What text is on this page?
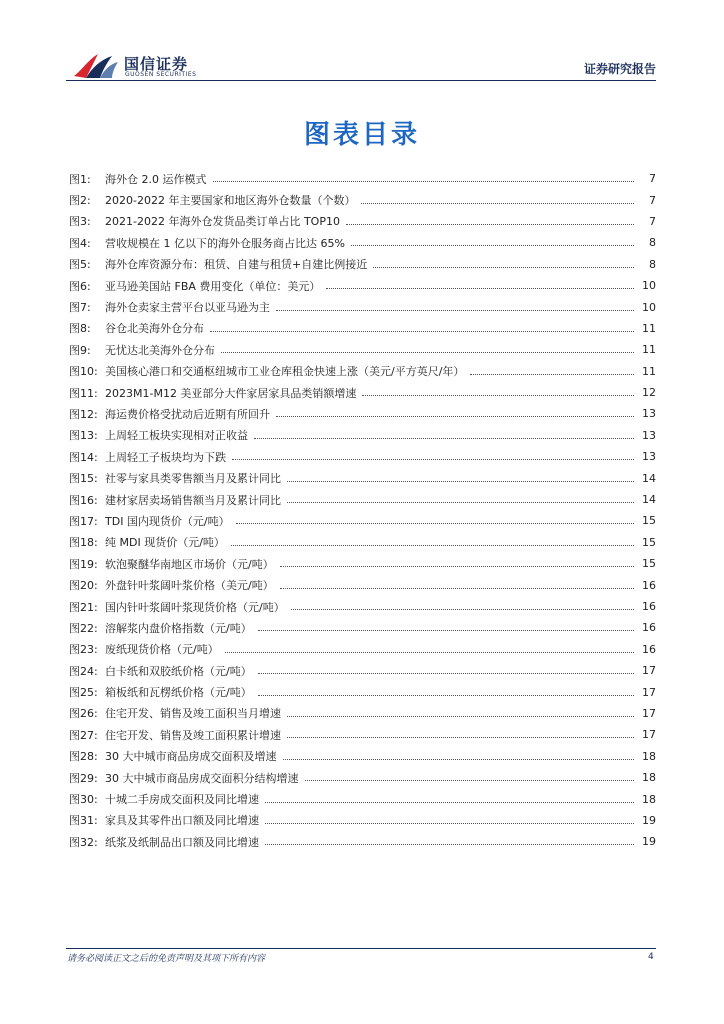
国信证券
GUOSEN SECURITIES	证券研究报告
图表目录
图1:	海外仓 2.0 运作模式	7
图2:	2020-2022 年主要国家和地区海外仓数量（个数）	7
图3:	2021-2022 年海外仓发货品类订单占比 TOP10	7
图4:	营收规模在 1 亿以下的海外仓服务商占比达 65%	8
图5:	海外仓库资源分布：租赁、自建与租赁+自建比例接近	8
图6:	亚马逊美国站 FBA 费用变化（单位：美元）	10
图7:	海外仓卖家主营平台以亚马逊为主	10
图8:	谷仓北美海外仓分布	11
图9:	无忧达北美海外仓分布	11
图10: 美国核心港口和交通枢纽城市工业仓库租金快速上涨（美元/平方英尺/年）	11
图11: 2023M1-M12 美亚部分大件家居家具品类销额增速	12
图12: 海运费价格受扰动后近期有所回升	13
图13: 上周轻工板块实现相对正收益	13
图14: 上周轻工子板块均为下跌	13
图15: 社零与家具类零售额当月及累计同比	14
图16: 建材家居卖场销售额当月及累计同比	14
图17: TDI 国内现货价（元/吨）	15
图18: 纯 MDI 现货价（元/吨）	15
图19: 软泡聚醚华南地区市场价（元/吨）	15
图20: 外盘针叶浆阔叶浆价格（美元/吨）	16
图21: 国内针叶浆阔叶浆现货价格（元/吨）	16
图22: 溶解浆内盘价格指数（元/吨）	16
图23: 废纸现货价格（元/吨）	16
图24: 白卡纸和双胶纸价格（元/吨）	17
图25: 箱板纸和瓦楞纸价格（元/吨）	17
图26: 住宅开发、销售及竣工面积当月增速	17
图27: 住宅开发、销售及竣工面积累计增速	17
图28: 30 大中城市商品房成交面积及增速	18
图29: 30 大中城市商品房成交面积分结构增速	18
图30: 十城二手房成交面积及同比增速	18
图31: 家具及其零件出口额及同比增速	19
图32: 纸浆及纸制品出口额及同比增速	19
请务必阅读正文之后的免责声明及其项下所有内容	4
